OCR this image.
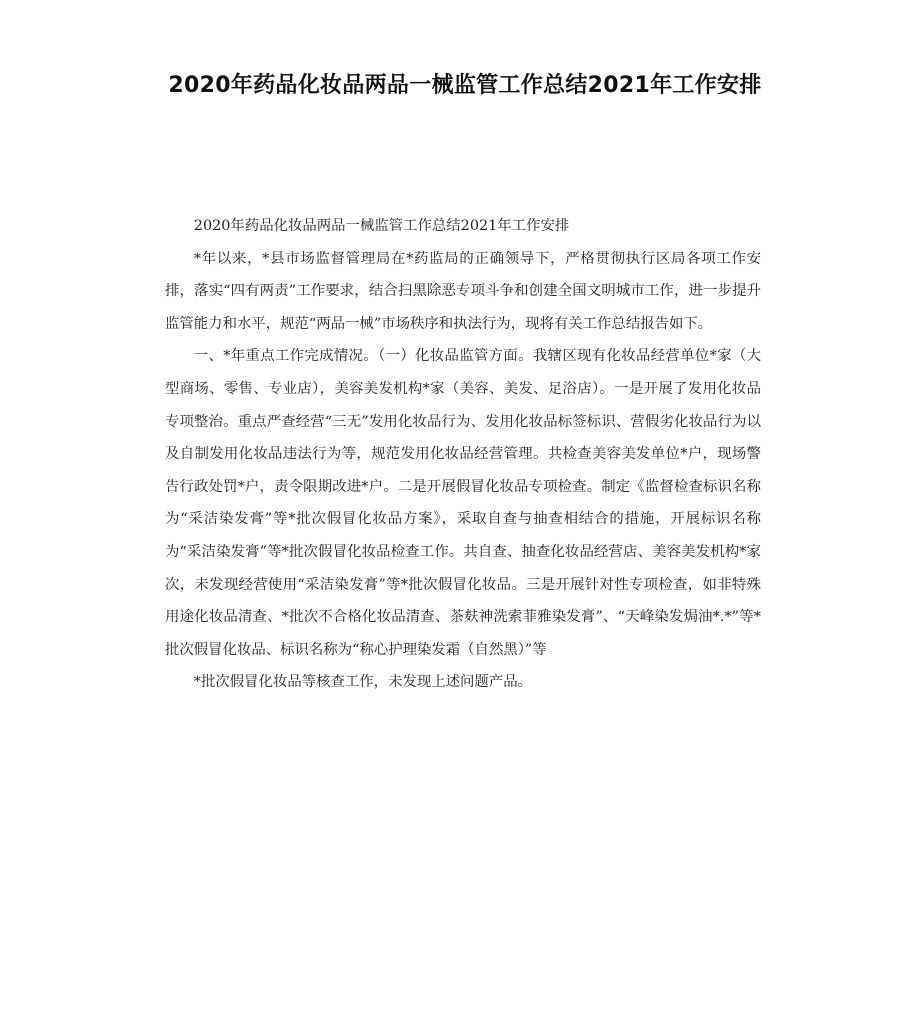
2020年药品化妆品两品一械监管工作总结2021年工作安排

2020年药品化妆品两品一械监管工作总结2021年工作安排

*年以来，*县市场监督管理局在*药监局的正确领导下，严格贯彻执行区局各项工作安排，落实“四有两责”工作要求，结合扫黑除恶专项斗争和创建全国文明城市工作，进一步提升监管能力和水平，规范“两品一械”市场秩序和执法行为，现将有关工作总结报告如下。

一、*年重点工作完成情况。（一）化妆品监管方面。我辖区现有化妆品经营单位*家（大型商场、零售、专业店），美容美发机构*家（美容、美发、足浴店）。一是开展了发用化妆品专项整治。重点严查经营“三无”发用化妆品行为、发用化妆品标签标识、营假劣化妆品行为以及自制发用化妆品违法行为等，规范发用化妆品经营管理。共检查美容美发单位*户，现场警告行政处罚*户，责令限期改进*户。二是开展假冒化妆品专项检查。制定《监督检查标识名称为“采洁染发膏”等*批次假冒化妆品方案》，采取自查与抽查相结合的措施，开展标识名称为“采洁染发膏”等*批次假冒化妆品检查工作。共自查、抽查化妆品经营店、美容美发机构*家次，未发现经营使用“采洁染发膏”等*批次假冒化妆品。三是开展针对性专项检查，如非特殊用途化妆品清查、*批次不合格化妆品清查、茶麸神洗索菲雅染发膏”、“天峰染发焗油*.*”等*批次假冒化妆品、标识名称为“称心护理染发霜（自然黑）”等

*批次假冒化妆品等核查工作，未发现上述问题产品。
